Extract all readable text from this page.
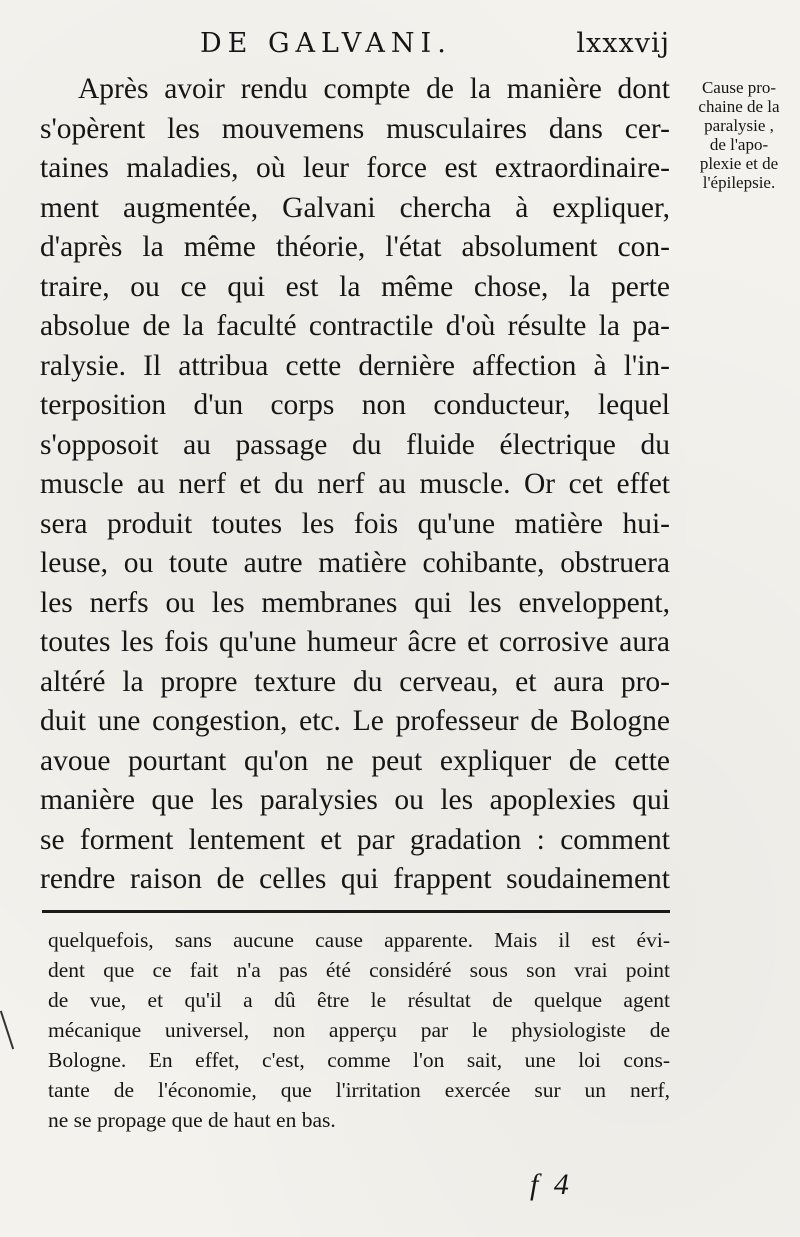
DE GALVANI.	lxxxvij
Après avoir rendu compte de la manière dont
s'opèrent les mouvemens musculaires dans cer-
taines maladies, où leur force est extraordinaire-
ment augmentée, Galvani chercha à expliquer,
d'après la même théorie, l'état absolument con-
traire, ou ce qui est la même chose, la perte
absolue de la faculté contractile d'où résulte la pa-
ralysie. Il attribua cette dernière affection à l'in-
terposition d'un corps non conducteur, lequel
s'opposoit au passage du fluide électrique du
muscle au nerf et du nerf au muscle. Or cet effet
sera produit toutes les fois qu'une matière hui-
leuse, ou toute autre matière cohibante, obstruera
les nerfs ou les membranes qui les enveloppent,
toutes les fois qu'une humeur âcre et corrosive aura
altéré la propre texture du cerveau, et aura pro-
duit une congestion, etc. Le professeur de Bologne
avoue pourtant qu'on ne peut expliquer de cette
manière que les paralysies ou les apoplexies qui
se forment lentement et par gradation : comment
rendre raison de celles qui frappent soudainement
Cause pro-
chaine de la
paralysie ,
de l'apo-
plexie et de
l'épilepsie.
quelquefois, sans aucune cause apparente. Mais il est évi-
dent que ce fait n'a pas été considéré sous son vrai point
de vue, et qu'il a dû être le résultat de quelque agent
mécanique universel, non apperçu par le physiologiste de
Bologne. En effet, c'est, comme l'on sait, une loi cons-
tante de l'économie, que l'irritation exercée sur un nerf,
ne se propage que de haut en bas.
f 4
